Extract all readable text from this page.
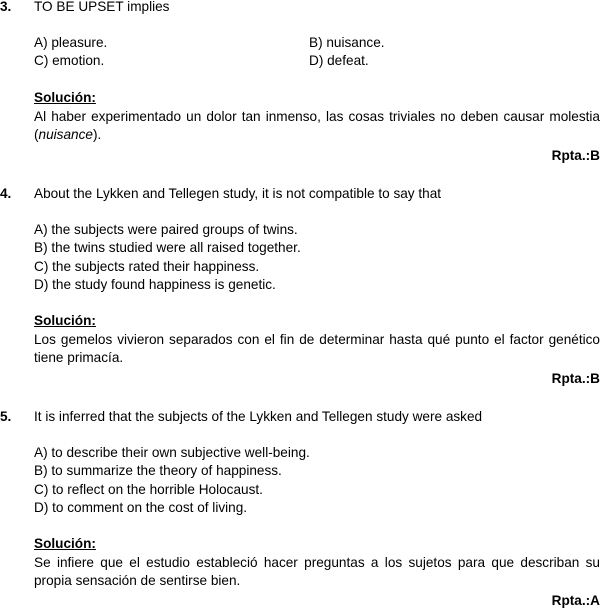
3. TO BE UPSET implies
A) pleasure.	B) nuisance.
C) emotion.	D) defeat.
Solución:
Al haber experimentado un dolor tan inmenso, las cosas triviales no deben causar molestia (nuisance).
Rpta.:B
4. About the Lykken and Tellegen study, it is not compatible to say that
A) the subjects were paired groups of twins.
B) the twins studied were all raised together.
C) the subjects rated their happiness.
D) the study found happiness is genetic.
Solución:
Los gemelos vivieron separados con el fin de determinar hasta qué punto el factor genético tiene primacía.
Rpta.:B
5. It is inferred that the subjects of the Lykken and Tellegen study were asked
A) to describe their own subjective well-being.
B) to summarize the theory of happiness.
C) to reflect on the horrible Holocaust.
D) to comment on the cost of living.
Solución:
Se infiere que el estudio estableció hacer preguntas a los sujetos para que describan su propia sensación de sentirse bien.
Rpta.:A
